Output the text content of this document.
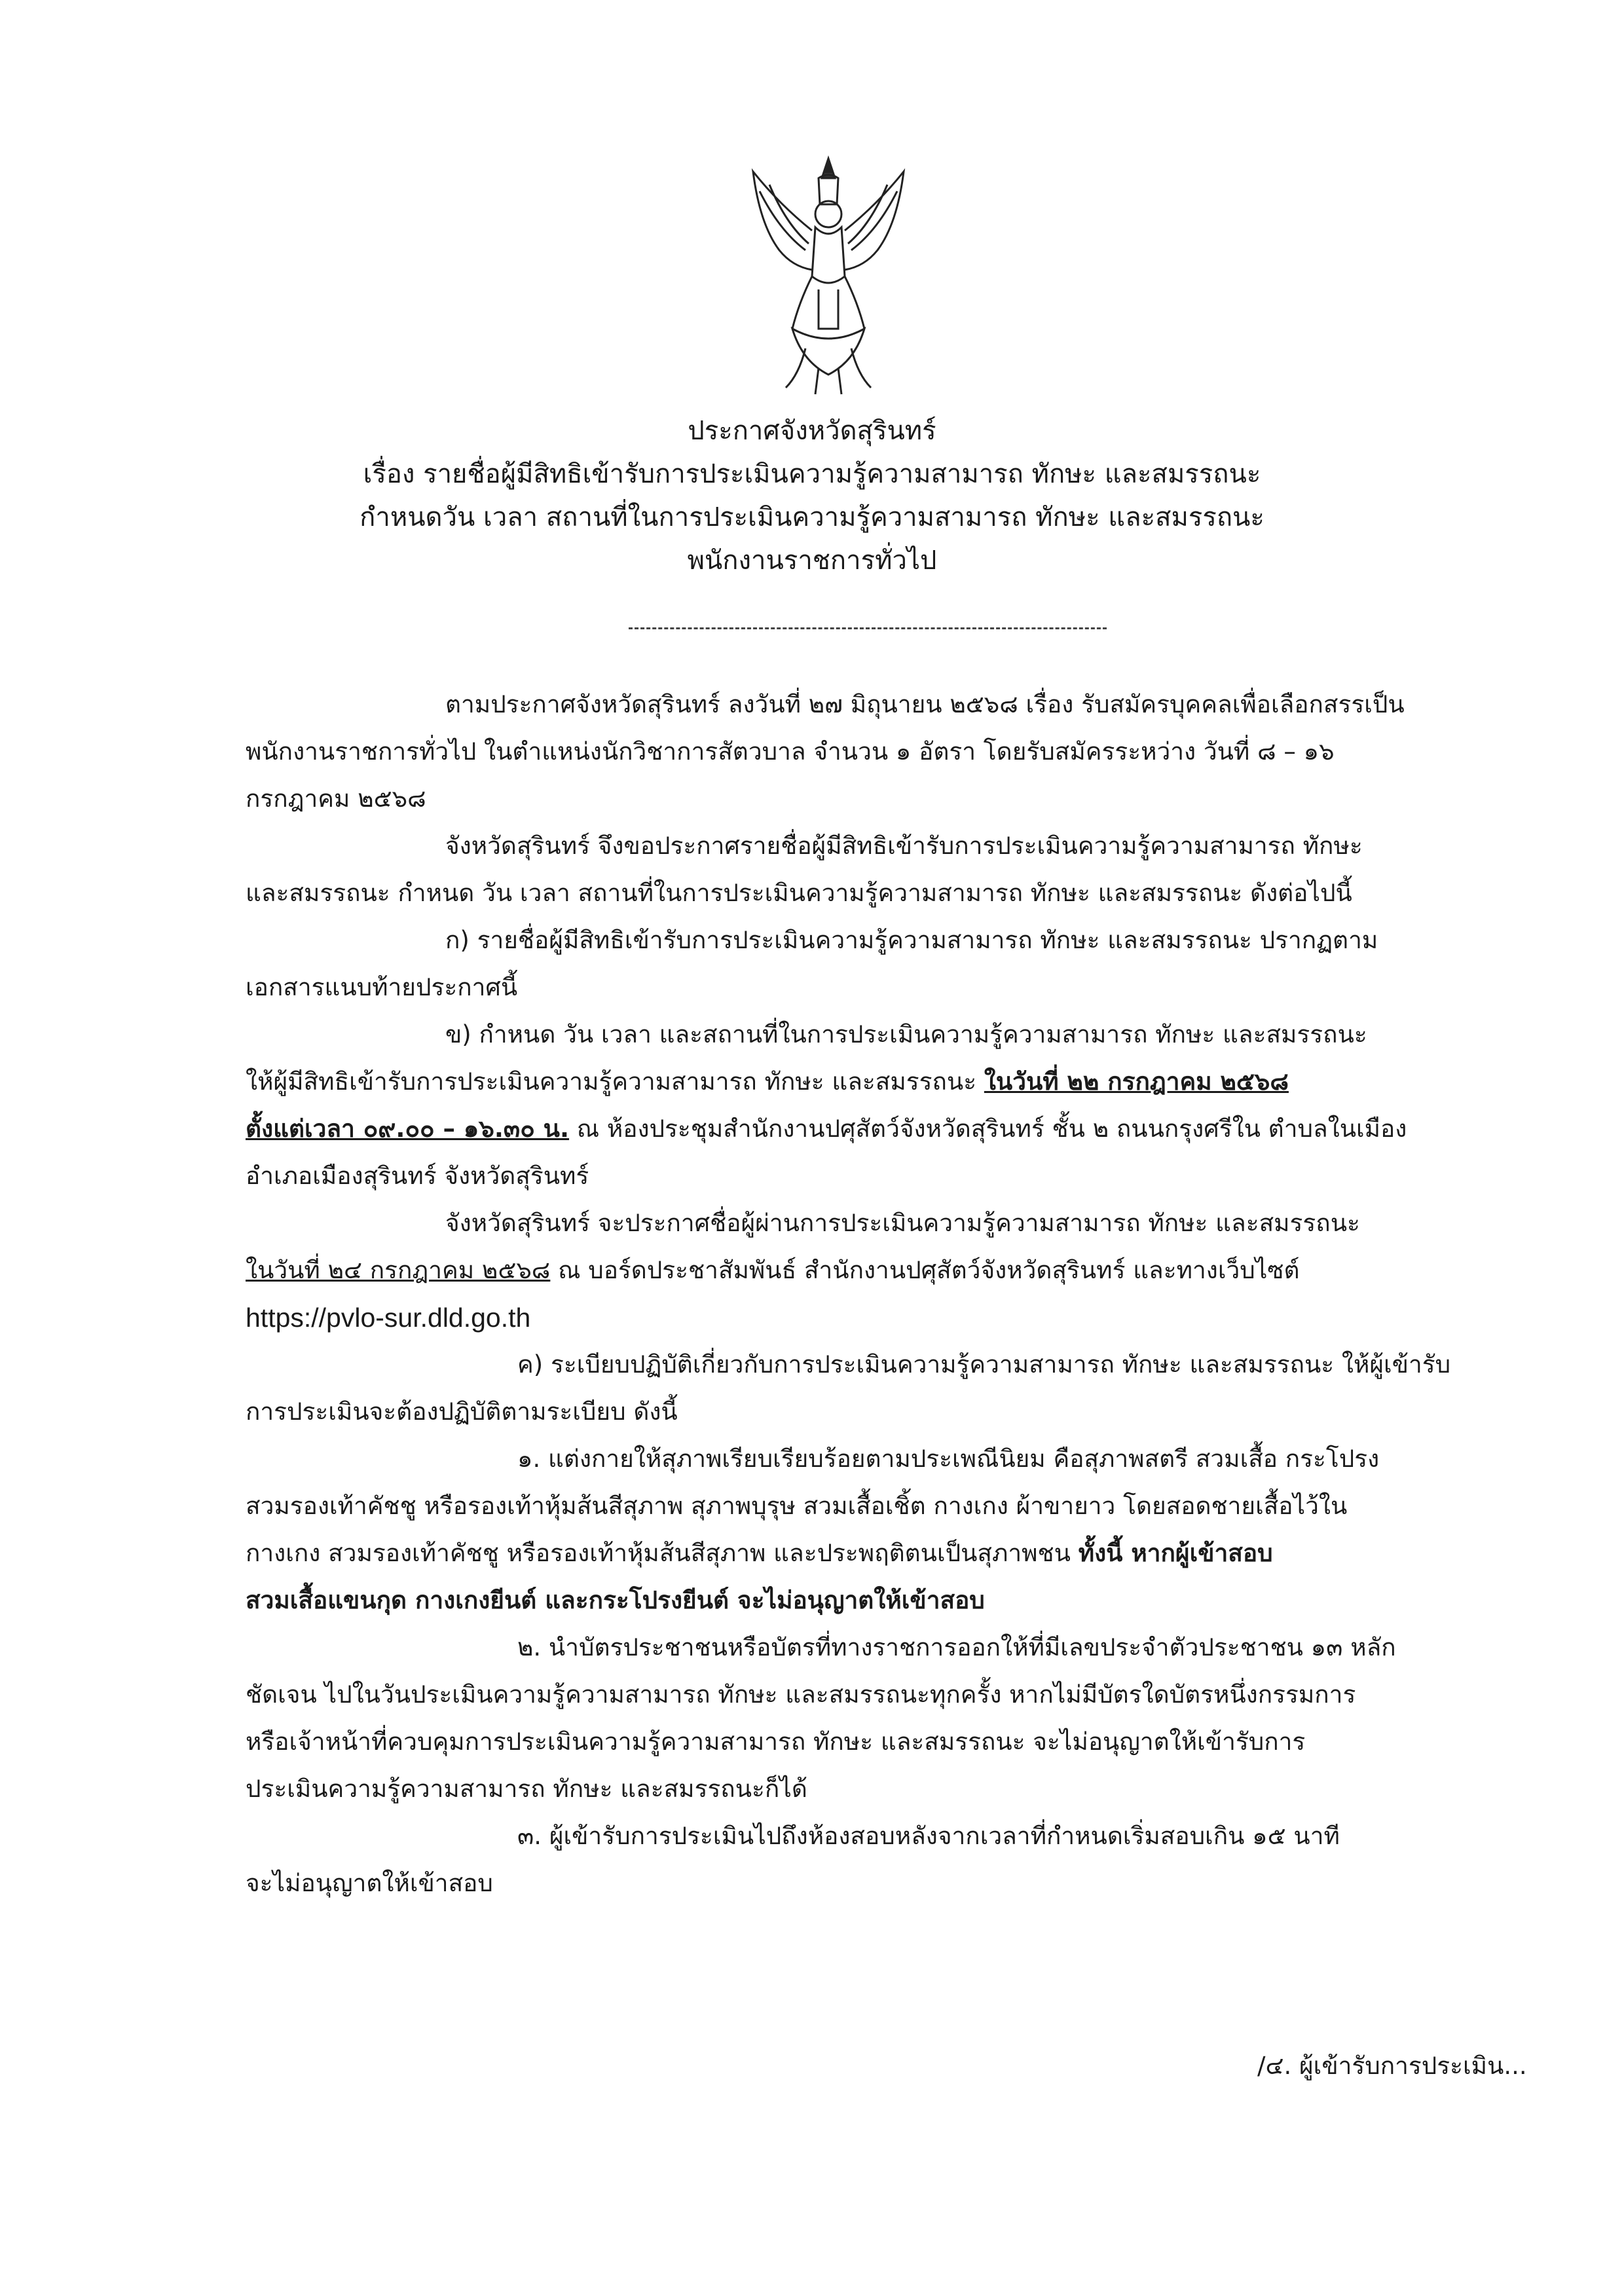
ประกาศจังหวัดสุรินทร์
เรื่อง รายชื่อผู้มีสิทธิเข้ารับการประเมินความรู้ความสามารถ ทักษะ และสมรรถนะ
กำหนดวัน เวลา สถานที่ในการประเมินความรู้ความสามารถ ทักษะ และสมรรถนะ
พนักงานราชการทั่วไป

ตามประกาศจังหวัดสุรินทร์ ลงวันที่ ๒๗ มิถุนายน ๒๕๖๘ เรื่อง รับสมัครบุคคลเพื่อเลือกสรรเป็น

พนักงานราชการทั่วไป ในตำแหน่งนักวิชาการสัตวบาล จำนวน ๑ อัตรา โดยรับสมัครระหว่าง วันที่ ๘ – ๑๖

กรกฎาคม ๒๕๖๘

จังหวัดสุรินทร์ จึงขอประกาศรายชื่อผู้มีสิทธิเข้ารับการประเมินความรู้ความสามารถ ทักษะ

และสมรรถนะ กำหนด วัน เวลา สถานที่ในการประเมินความรู้ความสามารถ ทักษะ และสมรรถนะ ดังต่อไปนี้

ก) รายชื่อผู้มีสิทธิเข้ารับการประเมินความรู้ความสามารถ ทักษะ และสมรรถนะ ปรากฏตาม

เอกสารแนบท้ายประกาศนี้

ข) กำหนด วัน เวลา และสถานที่ในการประเมินความรู้ความสามารถ ทักษะ และสมรรถนะ

ให้ผู้มีสิทธิเข้ารับการประเมินความรู้ความสามารถ ทักษะ และสมรรถนะ ในวันที่ ๒๒ กรกฎาคม ๒๕๖๘

ตั้งแต่เวลา ๐๙.๐๐ – ๑๖.๓๐ น. ณ ห้องประชุมสำนักงานปศุสัตว์จังหวัดสุรินทร์ ชั้น ๒ ถนนกรุงศรีใน ตำบลในเมือง

อำเภอเมืองสุรินทร์ จังหวัดสุรินทร์

จังหวัดสุรินทร์ จะประกาศชื่อผู้ผ่านการประเมินความรู้ความสามารถ ทักษะ และสมรรถนะ

ในวันที่ ๒๔ กรกฎาคม ๒๕๖๘ ณ บอร์ดประชาสัมพันธ์ สำนักงานปศุสัตว์จังหวัดสุรินทร์ และทางเว็บไซต์

https://pvlo-sur.dld.go.th

ค) ระเบียบปฏิบัติเกี่ยวกับการประเมินความรู้ความสามารถ ทักษะ และสมรรถนะ ให้ผู้เข้ารับ

การประเมินจะต้องปฏิบัติตามระเบียบ ดังนี้

๑. แต่งกายให้สุภาพเรียบเรียบร้อยตามประเพณีนิยม คือสุภาพสตรี สวมเสื้อ กระโปรง

สวมรองเท้าคัชชู หรือรองเท้าหุ้มส้นสีสุภาพ สุภาพบุรุษ สวมเสื้อเชิ้ต กางเกง ผ้าขายาว โดยสอดชายเสื้อไว้ใน

กางเกง สวมรองเท้าคัชชู หรือรองเท้าหุ้มส้นสีสุภาพ และประพฤติตนเป็นสุภาพชน ทั้งนี้ หากผู้เข้าสอบ

สวมเสื้อแขนกุด กางเกงยีนต์ และกระโปรงยีนต์ จะไม่อนุญาตให้เข้าสอบ

๒. นำบัตรประชาชนหรือบัตรที่ทางราชการออกให้ที่มีเลขประจำตัวประชาชน ๑๓ หลัก

ชัดเจน ไปในวันประเมินความรู้ความสามารถ ทักษะ และสมรรถนะทุกครั้ง หากไม่มีบัตรใดบัตรหนึ่งกรรมการ

หรือเจ้าหน้าที่ควบคุมการประเมินความรู้ความสามารถ ทักษะ และสมรรถนะ จะไม่อนุญาตให้เข้ารับการ

ประเมินความรู้ความสามารถ ทักษะ และสมรรถนะก็ได้

๓. ผู้เข้ารับการประเมินไปถึงห้องสอบหลังจากเวลาที่กำหนดเริ่มสอบเกิน ๑๕ นาที

จะไม่อนุญาตให้เข้าสอบ

/๔. ผู้เข้ารับการประเมิน...
